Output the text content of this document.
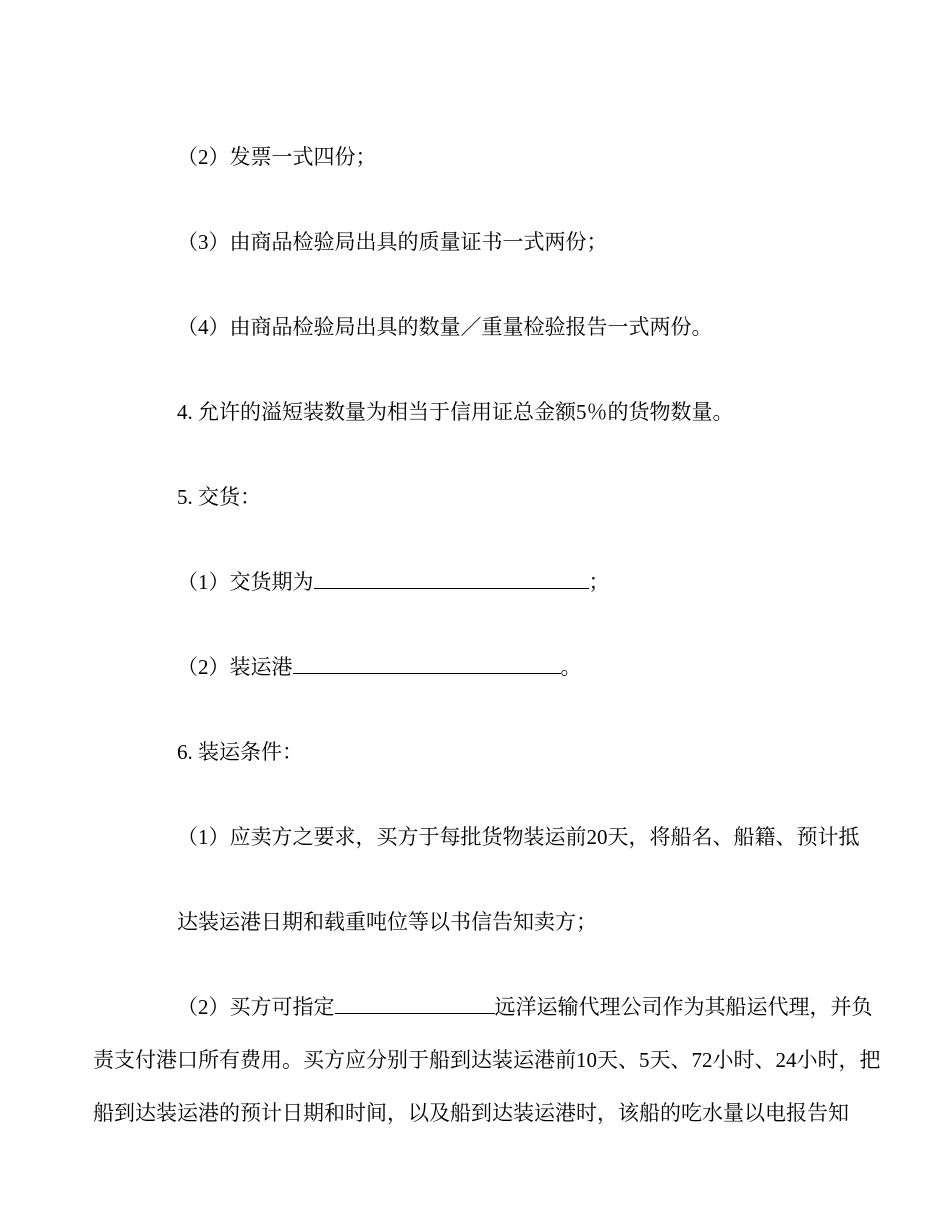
（2）发票一式四份；
（3）由商品检验局出具的质量证书一式两份；
（4）由商品检验局出具的数量／重量检验报告一式两份。
4. 允许的溢短装数量为相当于信用证总金额5％的货物数量。
5. 交货：
（1）交货期为	；
（2）装运港	。
6. 装运条件：
（1）应卖方之要求，买方于每批货物装运前20天，将船名、船籍、预计抵
达装运港日期和载重吨位等以书信告知卖方；
（2）买方可指定	远洋运输代理公司作为其船运代理，并负
责支付港口所有费用。买方应分别于船到达装运港前10天、5天、72小时、24小时，把
船到达装运港的预计日期和时间，以及船到达装运港时，该船的吃水量以电报告知
